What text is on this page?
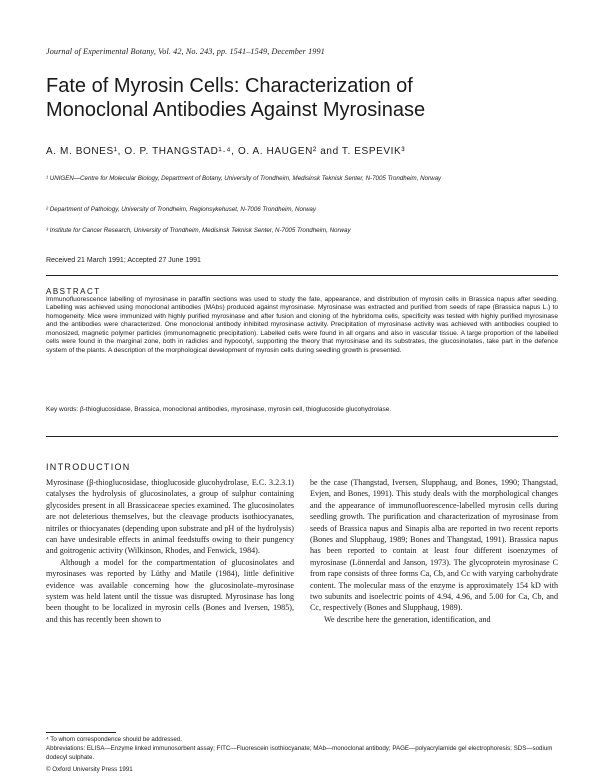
Journal of Experimental Botany, Vol. 42, No. 243, pp. 1541–1549, December 1991
Fate of Myrosin Cells: Characterization of
Monoclonal Antibodies Against Myrosinase
A. M. BONES¹, O. P. THANGSTAD¹·⁴, O. A. HAUGEN² and T. ESPEVIK³
¹ UNIGEN—Centre for Molecular Biology, Department of Botany, University of Trondheim, Medisinsk Teknisk Senter, N-7005 Trondheim, Norway
² Department of Pathology, University of Trondheim, Regionsykehuset, N-7006 Trondheim, Norway
³ Institute for Cancer Research, University of Trondheim, Medisinsk Teknisk Senter, N-7005 Trondheim, Norway
Received 21 March 1991; Accepted 27 June 1991
ABSTRACT

Immunofluorescence labelling of myrosinase in paraffin sections was used to study the fate, appearance, and distribution of myrosin cells in Brassica napus after seeding. Labelling was achieved using monoclonal antibodies (MAbs) produced against myrosinase. Myrosinase was extracted and purified from seeds of rape (Brassica napus L.) to homogeneity. Mice were immunized with highly purified myrosinase and after fusion and cloning of the hybridoma cells, specificity was tested with highly purified myrosinase and the antibodies were characterized. One monoclonal antibody inhibited myrosinase activity. Precipitation of myrosinase activity was achieved with antibodies coupled to monosized, magnetic polymer particles (immunomagnetic precipitation). Labelled cells were found in all organs and also in vascular tissue. A large proportion of the labelled cells were found in the marginal zone, both in radicles and hypocotyl, supporting the theory that myrosinase and its substrates, the glucosinolates, take part in the defence system of the plants. A description of the morphological development of myrosin cells during seedling growth is presented.

Key words: β-thioglucosidase, Brassica, monoclonal antibodies, myrosinase, myrosin cell, thioglucoside glucohydrolase.
INTRODUCTION

Myrosinase (β-thioglucosidase, thioglucoside glucohydrolase, E.C. 3.2.3.1) catalyses the hydrolysis of glucosinolates, a group of sulphur containing glycosides present in all Brassicaceae species examined. The glucosinolates are not deleterious themselves, but the cleavage products isothiocyanates, nitriles or thiocyanates (depending upon substrate and pH of the hydrolysis) can have undesirable effects in animal feedstuffs owing to their pungency and goitrogenic activity (Wilkinson, Rhodes, and Fenwick, 1984).

Although a model for the compartmentation of glucosinolates and myrosinases was reported by Lüthy and Matile (1984), little definitive evidence was available concerning how the glucosinolate–myrosinase system was held latent until the tissue was disrupted. Myrosinase has long been thought to be localized in myrosin cells (Bones and Iversen, 1985), and this has recently been shown to

be the case (Thangstad, Iversen, Slupphaug, and Bones, 1990; Thangstad, Evjen, and Bones, 1991). This study deals with the morphological changes and the appearance of immunofluorescence-labelled myrosin cells during seedling growth. The purification and characterization of myrosinase from seeds of Brassica napus and Sinapis alba are reported in two recent reports (Bones and Slupphaug, 1989; Bones and Thangstad, 1991). Brassica napus has been reported to contain at least four different isoenzymes of myrosinase (Lönnerdal and Janson, 1973). The glycoprotein myrosinase C from rape consists of three forms Ca, Cb, and Cc with varying carbohydrate content. The molecular mass of the enzyme is approximately 154 kD with two subunits and isoelectric points of 4.94, 4.96, and 5.00 for Ca, Cb, and Cc, respectively (Bones and Slupphaug, 1989).

We describe here the generation, identification, and

⁴ To whom correspondence should be addressed.
Abbreviations: ELISA—Enzyme linked immunosorbent assay; FITC—Fluorescein isothiocyanate; MAb—monoclonal antibody; PAGE—polyacrylamide gel electrophoresis; SDS—sodium dodecyl sulphate.
© Oxford University Press 1991
